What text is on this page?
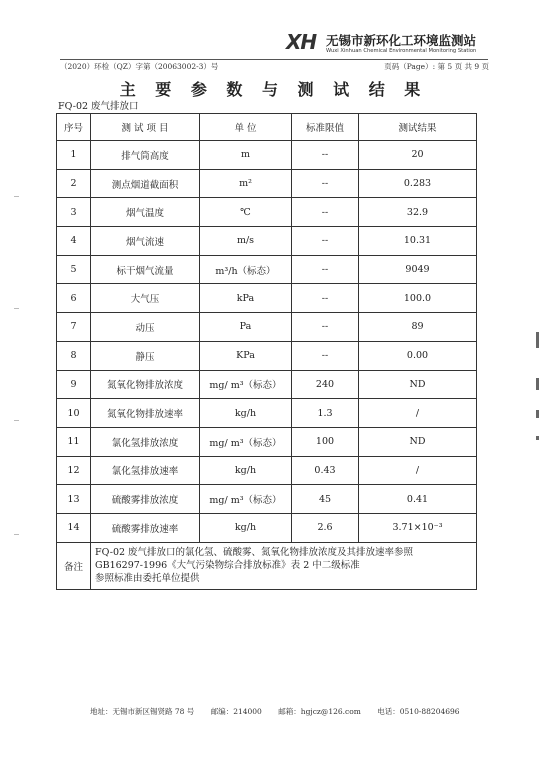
XH 无锡市新环化工环境监测站
Wuxi Xinhuan Chemical Environmental Monitoring Station
（2020）环检（QZ）字第（20063002-3）号	页码（Page）: 第 5 页 共 9 页
主 要 参 数 与 测 试 结 果
FQ-02 废气排放口
序号	测 试 项 目	单 位	标准限值	测试结果
1	排气筒高度	m	--	20
2	测点烟道截面积	m²	--	0.283
3	烟气温度	℃	--	32.9
4	烟气流速	m/s	--	10.31
5	标干烟气流量	m³/h（标态）	--	9049
6	大气压	kPa	--	100.0
7	动压	Pa	--	89
8	静压	KPa	--	0.00
9	氮氧化物排放浓度	mg/ m³（标态）	240	ND
10	氮氧化物排放速率	kg/h	1.3	/
11	氯化氢排放浓度	mg/ m³（标态）	100	ND
12	氯化氢排放速率	kg/h	0.43	/
13	硫酸雾排放浓度	mg/ m³（标态）	45	0.41
14	硫酸雾排放速率	kg/h	2.6	3.71×10⁻³
备注	FQ-02 废气排放口的氯化氢、硫酸雾、氮氧化物排放浓度及其排放速率参照
GB16297-1996《大气污染物综合排放标准》表 2 中二级标准
参照标准由委托单位提供			
地址：无锡市新区锡贤路 78 号 邮编：214000 邮箱：hgjcz@126.com 电话：0510-88204696
